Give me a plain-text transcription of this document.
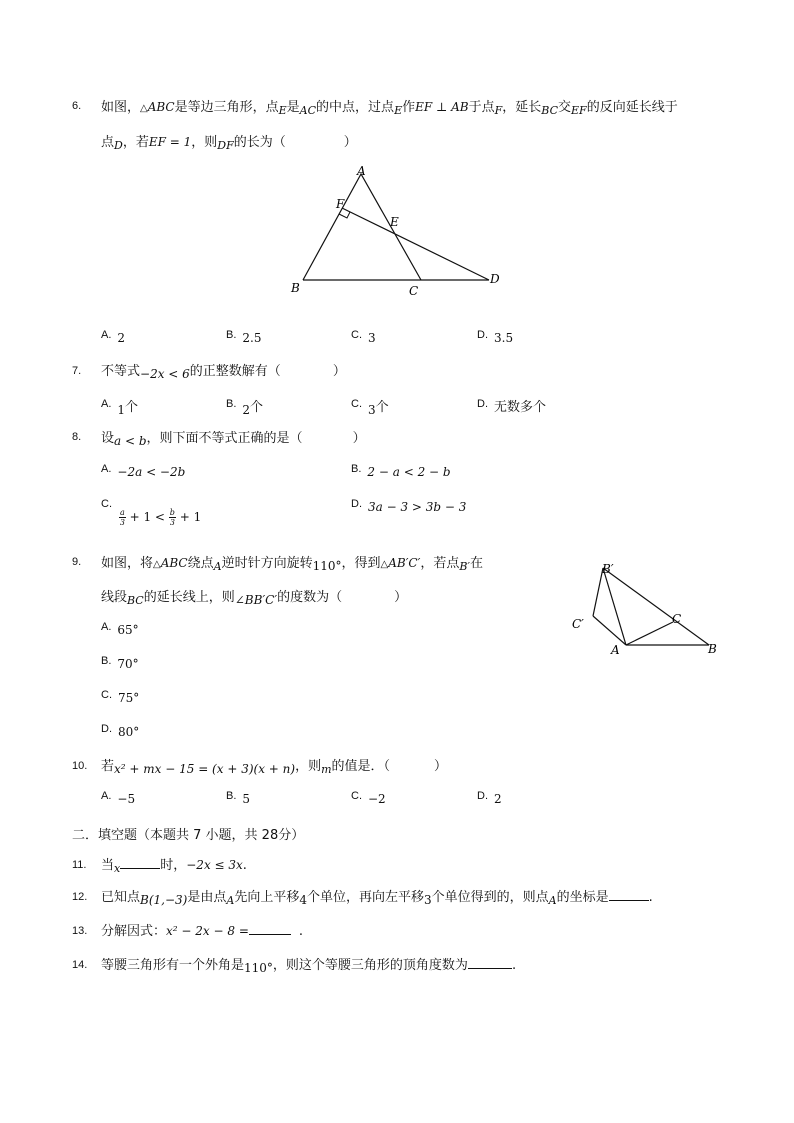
6. 如图，△ABC是等边三角形，点$_E$是$_{AC}$的中点，过点$_E$作EF ⊥ AB于点$_F$，延长$_{BC}$交$_{EF}$的反向延长线于
点$_D$，若EF = 1，则$_{DF}$的长为（	）
A
F
E
B	C
D
$^{A.}$ 2	$^{B.}$ 2.5	$^{C.}$ 3	$^{D.}$ 3.5
7. 不等式−2x < 6的正整数解有（	）
$^{A.}$ 1个	$^{B.}$ 2个	$^{C.}$ 3个	$^{D.}$ 无数多个
8. 设a < b，则下面不等式正确的是（	）
$^{A.}$ −2a < −2b	$^{B.}$ 2 − a < 2 − b
C.
$\frac{a}{3} + 1 < \frac{b}{3} + 1$
$^{D.}$ 3a − 3 > 3b − 3
9. 如图，将△ABC绕点$_A$逆时针方向旋转110°，得到△AB′C′，若点$_{B'}$在
线段$_{BC}$的延长线上，则∠BB′C′的度数为（	）
B′
C′
A
C
B
$^{A.}$ 65°
$^{B.}$ 70°
$^{C.}$ 75°
$^{D.}$ 80°
10. 若x² + mx − 15 = (x + 3)(x + n)，则$_m$的值是．（	）
$^{A.}$ −5	$^{B.}$ 5	$^{C.}$ −2	$^{D.}$ 2
二．填空题（本题共 7 小题，共 28分）
11. 当$_x$	时，−2x ≤ 3x.
12. 已知点B(1,−3)是由点$_A$先向上平移4个单位，再向左平移3个单位得到的，则点$_A$的坐标是	.
13. 分解因式：x² − 2x − 8 =	.
14. 等腰三角形有一个外角是110°，则这个等腰三角形的顶角度数为	.
